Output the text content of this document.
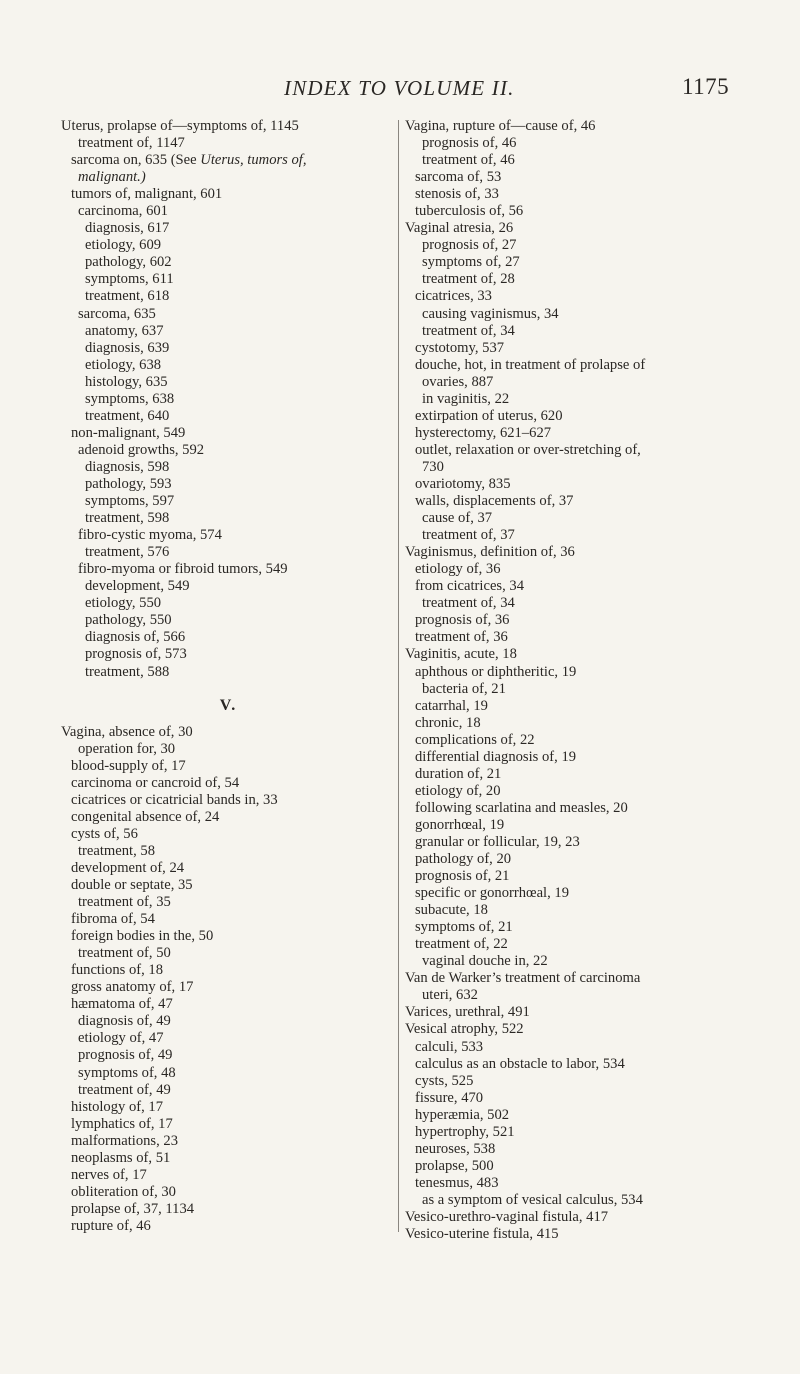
INDEX TO VOLUME II.	1175
Uterus, prolapse of—symptoms of, 1145
treatment of, 1147
sarcoma on, 635 (See Uterus, tumors of,
malignant.)
tumors of, malignant, 601
carcinoma, 601
diagnosis, 617
etiology, 609
pathology, 602
symptoms, 611
treatment, 618
sarcoma, 635
anatomy, 637
diagnosis, 639
etiology, 638
histology, 635
symptoms, 638
treatment, 640
non-malignant, 549
adenoid growths, 592
diagnosis, 598
pathology, 593
symptoms, 597
treatment, 598
fibro-cystic myoma, 574
treatment, 576
fibro-myoma or fibroid tumors, 549
development, 549
etiology, 550
pathology, 550
diagnosis of, 566
prognosis of, 573
treatment, 588
V.
Vagina, absence of, 30
operation for, 30
blood-supply of, 17
carcinoma or cancroid of, 54
cicatrices or cicatricial bands in, 33
congenital absence of, 24
cysts of, 56
treatment, 58
development of, 24
double or septate, 35
treatment of, 35
fibroma of, 54
foreign bodies in the, 50
treatment of, 50
functions of, 18
gross anatomy of, 17
hæmatoma of, 47
diagnosis of, 49
etiology of, 47
prognosis of, 49
symptoms of, 48
treatment of, 49
histology of, 17
lymphatics of, 17
malformations, 23
neoplasms of, 51
nerves of, 17
obliteration of, 30
prolapse of, 37, 1134
rupture of, 46
Vagina, rupture of—cause of, 46
prognosis of, 46
treatment of, 46
sarcoma of, 53
stenosis of, 33
tuberculosis of, 56
Vaginal atresia, 26
prognosis of, 27
symptoms of, 27
treatment of, 28
cicatrices, 33
causing vaginismus, 34
treatment of, 34
cystotomy, 537
douche, hot, in treatment of prolapse of
ovaries, 887
in vaginitis, 22
extirpation of uterus, 620
hysterectomy, 621–627
outlet, relaxation or over-stretching of,
730
ovariotomy, 835
walls, displacements of, 37
cause of, 37
treatment of, 37
Vaginismus, definition of, 36
etiology of, 36
from cicatrices, 34
treatment of, 34
prognosis of, 36
treatment of, 36
Vaginitis, acute, 18
aphthous or diphtheritic, 19
bacteria of, 21
catarrhal, 19
chronic, 18
complications of, 22
differential diagnosis of, 19
duration of, 21
etiology of, 20
following scarlatina and measles, 20
gonorrhœal, 19
granular or follicular, 19, 23
pathology of, 20
prognosis of, 21
specific or gonorrhœal, 19
subacute, 18
symptoms of, 21
treatment of, 22
vaginal douche in, 22
Van de Warker’s treatment of carcinoma
uteri, 632
Varices, urethral, 491
Vesical atrophy, 522
calculi, 533
calculus as an obstacle to labor, 534
cysts, 525
fissure, 470
hyperæmia, 502
hypertrophy, 521
neuroses, 538
prolapse, 500
tenesmus, 483
as a symptom of vesical calculus, 534
Vesico-urethro-vaginal fistula, 417
Vesico-uterine fistula, 415
